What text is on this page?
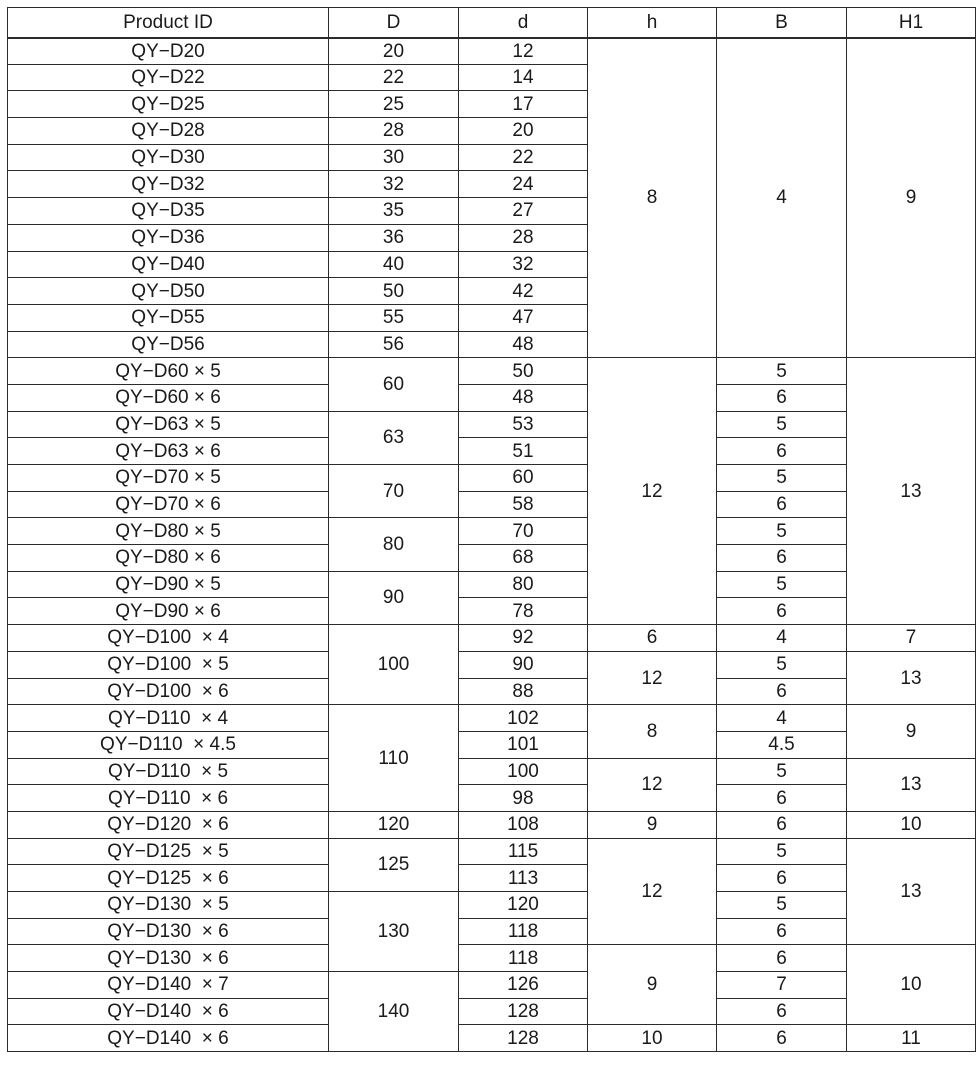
Product ID	D	d	h	B	H1
QY−D20	20	12	8	4	9
QY−D22	22	14			
QY−D25	25	17			
QY−D28	28	20			
QY−D30	30	22			
QY−D32	32	24			
QY−D35	35	27			
QY−D36	36	28			
QY−D40	40	32			
QY−D50	50	42			
QY−D55	55	47			
QY−D56	56	48			
QY−D60 × 5	60	50	12	5	13
QY−D60 × 6		48		6	
QY−D63 × 5	63	53		5	
QY−D63 × 6		51		6	
QY−D70 × 5	70	60		5	
QY−D70 × 6		58		6	
QY−D80 × 5	80	70		5	
QY−D80 × 6		68		6	
QY−D90 × 5	90	80		5	
QY−D90 × 6		78		6	
QY−D100  × 4	100	92	6	4	7
QY−D100  × 5		90	12	5	13
QY−D100  × 6		88		6	
QY−D110  × 4	110	102	8	4	9
QY−D110  × 4.5		101		4.5	
QY−D110  × 5		100	12	5	13
QY−D110  × 6		98		6	
QY−D120  × 6	120	108	9	6	10
QY−D125  × 5	125	115	12	5	13
QY−D125  × 6		113		6	
QY−D130  × 5	130	120		5	
QY−D130  × 6		118		6	
QY−D130  × 6		118	9	6	10
QY−D140  × 7	140	126		7	
QY−D140  × 6		128		6	
QY−D140  × 6		128	10	6	11
